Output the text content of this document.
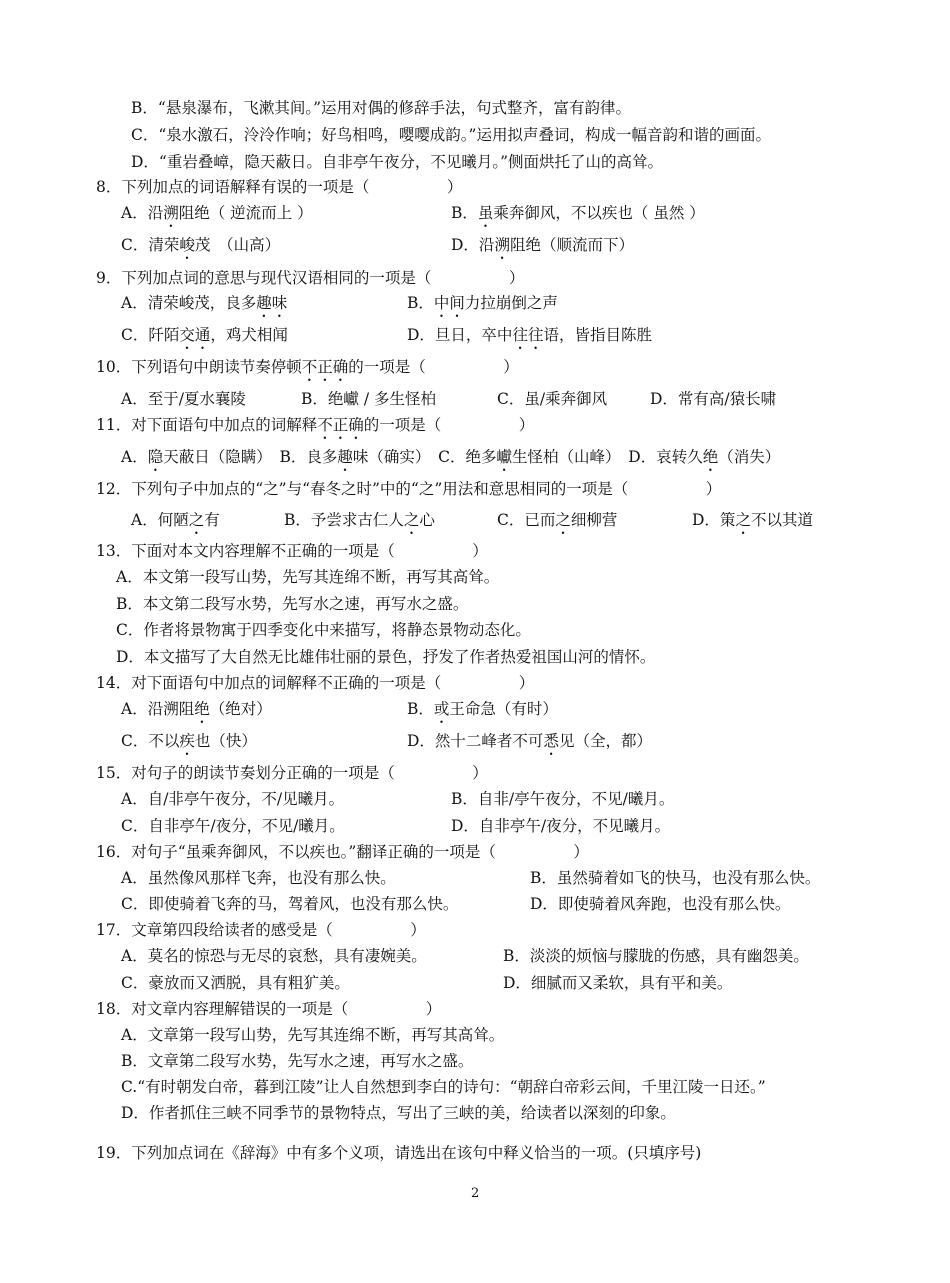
B．“悬泉瀑布，飞漱其间。”运用对偶的修辞手法，句式整齐，富有韵律。
C．“泉水激石，泠泠作响；好鸟相鸣，嘤嘤成韵。”运用拟声叠词，构成一幅音韵和谐的画面。
D．“重岩叠嶂，隐天蔽日。自非亭午夜分，不见曦月。”侧面烘托了山的高耸。
8．下列加点的词语解释有误的一项是（　　　　　）
A．沿溯阻绝（ 逆流而上 ）	B．虽乘奔御风，不以疾也（ 虽然 ）
C．清荣峻茂　（山高）	D．沿溯阻绝（顺流而下）
9．下列加点词的意思与现代汉语相同的一项是（　　　　　）
A．清荣峻茂，良多趣味	B．中间力拉崩倒之声
C．阡陌交通，鸡犬相闻	D．旦日，卒中往往语，皆指目陈胜
10．下列语句中朗读节奏停顿不正确的一项是（　　　　　）
A．至于/夏水襄陵	B．绝巘 / 多生怪柏	C．虽/乘奔御风	D．常有高/猿长啸
11．对下面语句中加点的词解释不正确的一项是（　　　　　）
A．隐天蔽日（隐瞒）　B．良多趣味（确实）　C．绝多巘生怪柏（山峰）　D．哀转久绝（消失）
12．下列句子中加点的“之”与“春冬之时”中的“之”用法和意思相同的一项是（　　　　　）
A．何陋之有	B．予尝求古仁人之心	C．已而之细柳营	D．策之不以其道
13．下面对本文内容理解不正确的一项是（　　　　　）
A．本文第一段写山势，先写其连绵不断，再写其高耸。
B．本文第二段写水势，先写水之速，再写水之盛。
C．作者将景物寓于四季变化中来描写，将静态景物动态化。
D．本文描写了大自然无比雄伟壮丽的景色，抒发了作者热爱祖国山河的情怀。
14．对下面语句中加点的词解释不正确的一项是（　　　　　）
A．沿溯阻绝（绝对）	B．或王命急（有时）
C．不以疾也（快）	D．然十二峰者不可悉见（全，都）
15．对句子的朗读节奏划分正确的一项是（　　　　　）
A．自/非亭午夜分，不/见曦月。	B．自非/亭午夜分，不见/曦月。
C．自非亭午/夜分，不见/曦月。	D．自非亭午/夜分，不见曦月。
16．对句子“虽乘奔御风，不以疾也。”翻译正确的一项是（　　　　　）
A．虽然像风那样飞奔，也没有那么快。	B．虽然骑着如飞的快马，也没有那么快。
C．即使骑着飞奔的马，驾着风，也没有那么快。	D．即使骑着风奔跑，也没有那么快。
17．文章第四段给读者的感受是（　　　　　）
A．莫名的惊恐与无尽的哀愁，具有凄婉美。	B．淡淡的烦恼与朦胧的伤感，具有幽怨美。
C．豪放而又洒脱，具有粗犷美。	D．细腻而又柔软，具有平和美。
18．对文章内容理解错误的一项是（　　　　　）
A．文章第一段写山势，先写其连绵不断，再写其高耸。
B．文章第二段写水势，先写水之速，再写水之盛。
C.“有时朝发白帝，暮到江陵”让人自然想到李白的诗句：“朝辞白帝彩云间，千里江陵一日还。”
D．作者抓住三峡不同季节的景物特点，写出了三峡的美，给读者以深刻的印象。
19．下列加点词在《辞海》中有多个义项，请选出在该句中释义恰当的一项。(只填序号)
2
